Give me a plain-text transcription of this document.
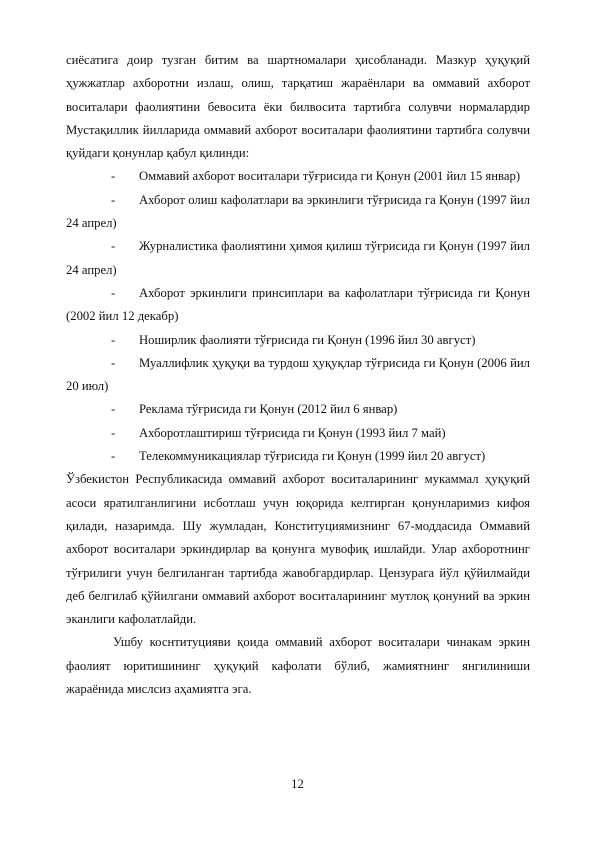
сиёсатига доир тузган битим ва шартномалари ҳисобланади. Мазкур ҳуқуқий ҳужжатлар ахборотни излаш, олиш, тарқатиш жараёнлари ва оммавий ахборот воситалари фаолиятини бевосита ёки билвосита тартибга солувчи нормалардир Мустақиллик йилларида оммавий ахборот воситалари фаолиятини тартибга солувчи қуйдаги қонунлар қабул қилинди:

- Оммавий ахборот воситалари тўғрисида ги Қонун (2001 йил 15 январ)

- Ахборот олиш кафолатлари ва эркинлиги тўғрисида га Қонун (1997 йил 24 апрел)

- Журналистика фаолиятини ҳимоя қилиш тўғрисида ги Қонун (1997 йил 24 апрел)

- Ахборот эркинлиги принсиплари ва кафолатлари тўғрисида ги Қонун (2002 йил 12 декабр)

- Ноширлик фаолияти тўғрисида ги Қонун (1996 йил 30 август)

- Муаллифлик ҳуқуқи ва турдош ҳуқуқлар тўғрисида ги Қонун (2006 йил 20 июл)

- Реклама тўғрисида ги Қонун (2012 йил 6 январ)

- Ахборотлаштириш тўғрисида ги Қонун (1993 йил 7 май)

- Телекоммуникациялар тўғрисида ги Қонун (1999 йил 20 август)

Ўзбекистон Республикасида оммавий ахборот воситаларининг мукаммал ҳуқуқий асоси яратилганлигини исботлаш учун юқорида келтирган қонунларимиз кифоя қилади, назаримда. Шу жумладан, Конституциямизнинг 67-моддасида Оммавий ахборот воситалари эркиндирлар ва қонунга мувофиқ ишлайди. Улар ахборотнинг тўғрилиги учун белгиланган тартибда жавобгардирлар. Цензурага йўл қўйилмайди деб белгилаб қўйилгани оммавий ахборот воситаларининг мутлоқ қонуний ва эркин эканлиги кафолатлайди.

Ушбу коснтитуцияви қоида оммавий ахборот воситалари чинакам эркин фаолият юритишининг ҳуқуқий кафолати бўлиб, жамиятнинг янгилиниши жараёнида мислсиз аҳамиятга эга.

12
